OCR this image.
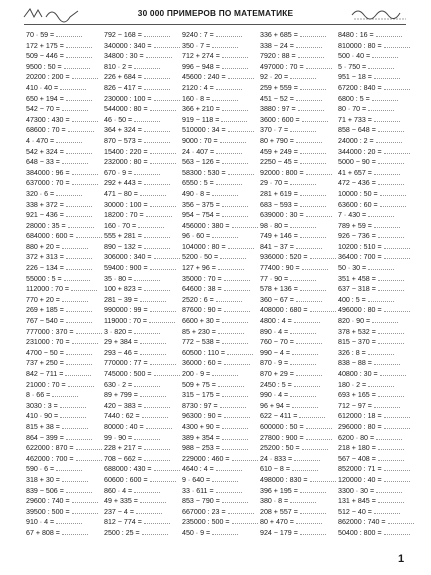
30 000 ПРИМЕРОВ ПО МАТЕМАТИКЕ
70 · 59 =
172 + 175 =
509 − 446 =
9500 : 50 =
20200 : 200 =
410 · 40 =
650 + 194 =
542 − 70 =
47300 : 430 =
68600 : 70 =
4 · 470 =
542 + 324 =
648 − 33 =
384000 : 96 =
637000 : 70 =
320 · 6 =
338 + 372 =
921 − 436 =
28000 : 35 =
684000 : 600 =
880 + 20 =
372 + 313 =
226 − 134 =
55000 : 5 =
112000 : 70 =
770 + 20 =
269 + 185 =
767 − 540 =
777000 : 370 =
231000 : 70 =
4700 − 50 =
737 + 250 =
842 − 711 =
21000 : 70 =
8 · 66 =
3030 : 3 =
410 · 90 =
815 + 38 =
864 − 399 =
622000 : 870 =
462000 : 700 =
590 · 6 =
318 + 30 =
839 − 506 =
29600 : 740 =
39500 : 500 =
910 · 4 =
67 + 808 =
792 − 168 =
340000 : 340 =
34800 : 30 =
810 · 2 =
226 + 684 =
826 − 417 =
230000 : 100 =
544000 : 80 =
46 · 50 =
364 + 324 =
870 − 573 =
15400 : 220 =
232000 : 80 =
670 · 9 =
292 + 443 =
471 − 80 =
30000 : 100 =
18200 : 70 =
160 · 70 =
555 + 281 =
890 − 132 =
306000 : 340 =
59400 : 900 =
35 · 80 =
100 + 823 =
281 − 39 =
990000 : 99 =
119000 : 70 =
3 · 820 =
29 + 384 =
293 − 46 =
770000 : 77 =
745000 : 500 =
630 · 2 =
89 + 799 =
420 − 383 =
7440 : 62 =
80000 : 40 =
99 · 90 =
228 + 217 =
708 − 662 =
688000 : 430 =
60600 : 600 =
860 · 4 =
49 + 335 =
237 − 4 =
812 − 774 =
2500 : 25 =
9240 : 7 =
350 · 7 =
712 + 274 =
996 − 948 =
45600 : 240 =
2120 : 4 =
160 · 8 =
366 + 210 =
919 − 118 =
510000 : 34 =
9000 : 70 =
24 · 407 =
563 − 126 =
58300 : 530 =
6550 : 5 =
490 · 8 =
356 − 375 =
954 − 754 =
456000 : 380 =
96 · 60 =
104000 : 80 =
5200 · 50 =
127 + 96 =
35000 : 70 =
64600 : 38 =
2520 : 6 =
87600 : 90 =
6600 + 30 =
85 + 230 =
772 − 538 =
60500 : 110 =
36000 : 60 =
200 · 9 =
509 + 75 =
315 − 175 =
8730 : 97 =
96300 : 90 =
4300 + 90 =
389 + 354 =
988 − 253 =
229000 : 460 =
4640 : 4 =
9 · 640 =
33 · 611 =
853 − 790 =
667000 : 23 =
235000 : 500 =
450 · 9 =
336 + 685 =
338 − 24 =
7920 : 88 =
497000 : 70 =
92 · 20 =
259 + 559 =
451 − 52 =
3880 : 97 =
3600 : 600 =
370 · 7 =
80 + 790 =
459 + 249 =
2250 − 45 =
92000 : 800 =
29 · 70 =
281 + 619 =
683 − 593 =
639000 : 30 =
98 · 80 =
749 + 146 =
841 − 37 =
936000 : 520 =
77400 : 90 =
77 · 90 =
578 + 136 =
360 − 67 =
408000 : 680 =
4800 : 4 =
890 · 4 =
760 − 70 =
990 − 4 =
870 · 9 =
870 + 29 =
2450 : 5 =
990 · 4 =
96 + 94 =
622 − 411 =
600000 : 50 =
27800 : 900 =
25200 : 50 =
24 · 833 =
610 − 8 =
498000 : 830 =
396 + 195 =
380 · 8 =
208 + 557 =
80 + 470 =
924 − 179 =
8480 : 16 =
810000 : 80 =
500 · 40 =
5 · 750 =
951 − 18 =
67200 : 840 =
6800 : 5 =
80 · 70 =
71 + 733 =
858 − 648 =
24000 : 2 =
344000 : 20 =
5000 − 90 =
41 + 657 =
472 − 436 =
10000 : 50 =
63600 : 60 =
7 · 430 =
789 + 59 =
926 − 736 =
10200 : 510 =
36400 : 700 =
50 · 30 =
351 + 458 =
637 − 318 =
400 : 5 =
496000 : 80 =
820 · 90 =
378 + 532 =
815 − 370 =
326 : 8 =
838 − 88 =
40800 : 30 =
180 · 2 =
693 + 165 =
712 − 97 =
612000 : 18 =
296000 : 80 =
6200 · 80 =
218 + 180 =
567 − 408 =
852000 : 71 =
120000 : 40 =
3300 · 30 =
131 + 845 =
512 − 40 =
862000 : 740 =
50400 : 800 =
1
